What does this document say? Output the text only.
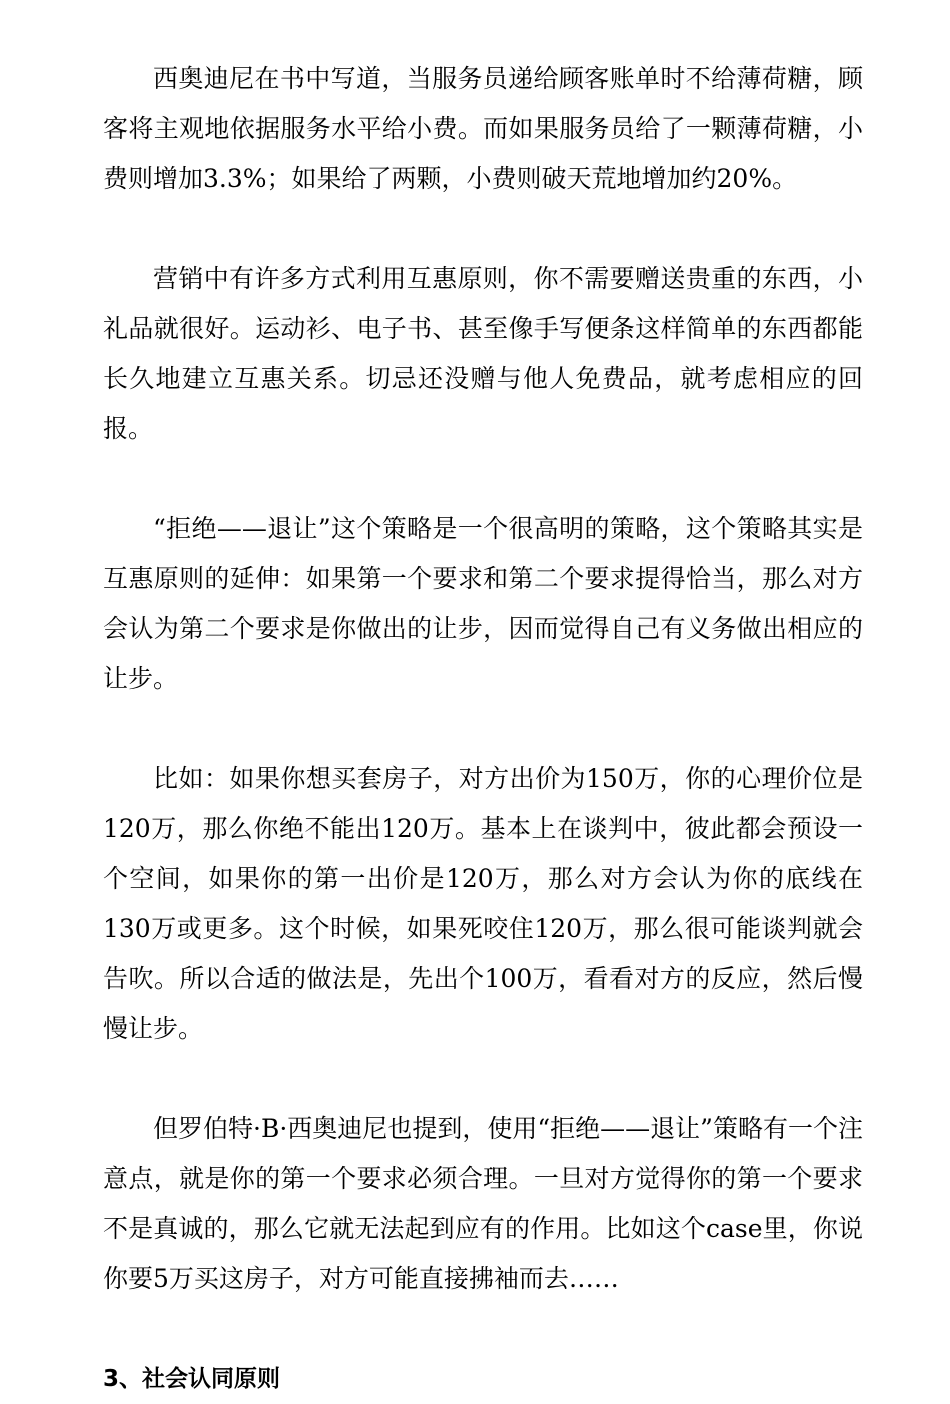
西奥迪尼在书中写道，当服务员递给顾客账单时不给薄荷糖，顾客将主观地依据服务水平给小费。而如果服务员给了一颗薄荷糖，小费则增加3.3%；如果给了两颗，小费则破天荒地增加约20%。

营销中有许多方式利用互惠原则，你不需要赠送贵重的东西，小礼品就很好。运动衫、电子书、甚至像手写便条这样简单的东西都能长久地建立互惠关系。切忌还没赠与他人免费品，就考虑相应的回报。

“拒绝——退让”这个策略是一个很高明的策略，这个策略其实是互惠原则的延伸：如果第一个要求和第二个要求提得恰当，那么对方会认为第二个要求是你做出的让步，因而觉得自己有义务做出相应的让步。

比如：如果你想买套房子，对方出价为150万，你的心理价位是120万，那么你绝不能出120万。基本上在谈判中，彼此都会预设一个空间，如果你的第一出价是120万，那么对方会认为你的底线在130万或更多。这个时候，如果死咬住120万，那么很可能谈判就会告吹。所以合适的做法是，先出个100万，看看对方的反应，然后慢慢让步。

但罗伯特·B·西奥迪尼也提到，使用“拒绝——退让”策略有一个注意点，就是你的第一个要求必须合理。一旦对方觉得你的第一个要求不是真诚的，那么它就无法起到应有的作用。比如这个case里，你说你要5万买这房子，对方可能直接拂袖而去……

3、社会认同原则
